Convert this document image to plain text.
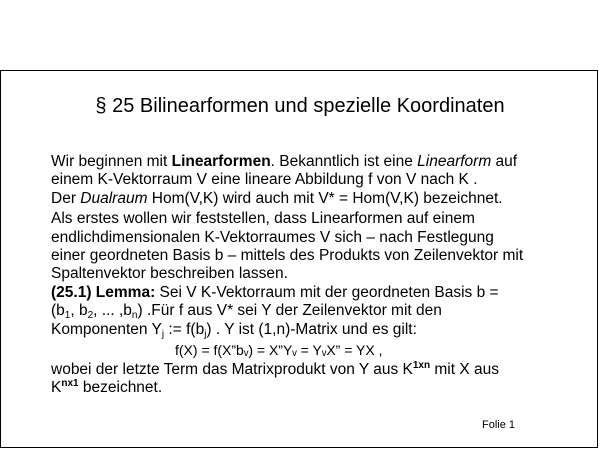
§ 25 Bilinearformen und spezielle Koordinaten
Wir beginnen mit Linearformen. Bekanntlich ist eine Linearform auf
einem K-Vektorraum V eine lineare Abbildung f von V nach K .
Der Dualraum Hom(V,K) wird auch mit V* = Hom(V,K) bezeichnet.
Als erstes wollen wir feststellen, dass Linearformen auf einem
endlichdimensionalen K-Vektorraumes V sich – nach Festlegung
einer geordneten Basis b – mittels des Produkts von Zeilenvektor mit
Spaltenvektor beschreiben lassen.
(25.1) Lemma: Sei V K-Vektorraum mit der geordneten Basis b =
($b_1$, $b_2$, ... $,b_n$) .Für f aus V* sei Y der Zeilenvektor mit den
Komponenten $Y_j$ := $f(b_j)$ . Y ist (1,n)-Matrix und es gilt:
f(X) = f(X”bᵥ) = X”Yᵥ = YᵥX” = YX ,
wobei der letzte Term das Matrixprodukt von Y aus $K^{1xn}$ mit X aus
$K^{nx1}$ bezeichnet.
Folie 1
